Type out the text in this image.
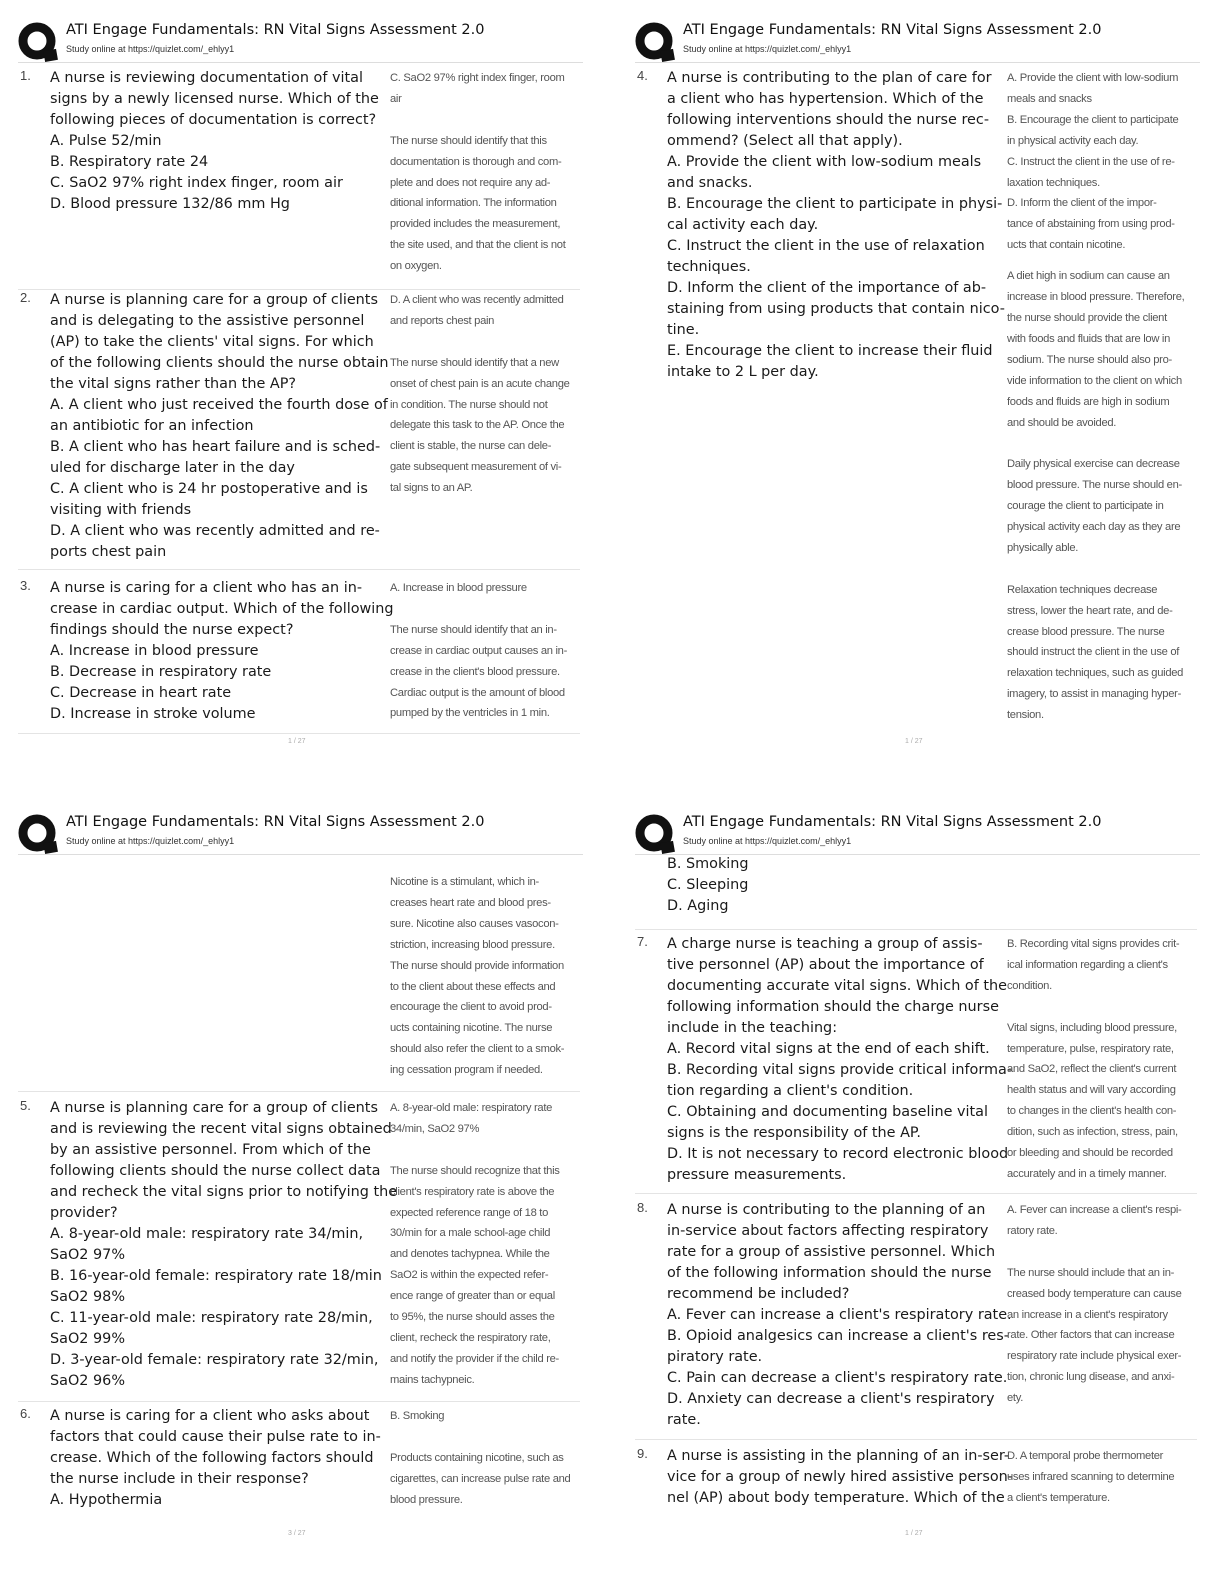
ATI Engage Fundamentals: RN Vital Signs Assessment 2.0
Study online at https://quizlet.com/_ehlyy1
1. A nurse is reviewing documentation of vital

signs by a newly licensed nurse. Which of the

following pieces of documentation is correct?

A. Pulse 52/min

B. Respiratory rate 24

C. SaO2 97% right index finger, room air

D. Blood pressure 132/86 mm Hg

C. SaO2 97% right index finger, room

air

The nurse should identify that this

documentation is thorough and com-

plete and does not require any ad-

ditional information. The information

provided includes the measurement,

the site used, and that the client is not

on oxygen.

2. A nurse is planning care for a group of clients

and is delegating to the assistive personnel

(AP) to take the clients' vital signs. For which

of the following clients should the nurse obtain

the vital signs rather than the AP?

A. A client who just received the fourth dose of

an antibiotic for an infection

B. A client who has heart failure and is sched-

uled for discharge later in the day

C. A client who is 24 hr postoperative and is

visiting with friends

D. A client who was recently admitted and re-

ports chest pain

D. A client who was recently admitted

and reports chest pain

The nurse should identify that a new

onset of chest pain is an acute change

in condition. The nurse should not

delegate this task to the AP. Once the

client is stable, the nurse can dele-

gate subsequent measurement of vi-

tal signs to an AP.

3. A nurse is caring for a client who has an in-

crease in cardiac output. Which of the following

findings should the nurse expect?

A. Increase in blood pressure

B. Decrease in respiratory rate

C. Decrease in heart rate

D. Increase in stroke volume

A. Increase in blood pressure

The nurse should identify that an in-

crease in cardiac output causes an in-

crease in the client's blood pressure.

Cardiac output is the amount of blood

pumped by the ventricles in 1 min.

1 / 27
ATI Engage Fundamentals: RN Vital Signs Assessment 2.0
Study online at https://quizlet.com/_ehlyy1
4. A nurse is contributing to the plan of care for

a client who has hypertension. Which of the

following interventions should the nurse rec-

ommend? (Select all that apply).

A. Provide the client with low-sodium meals

and snacks.

B. Encourage the client to participate in physi-

cal activity each day.

C. Instruct the client in the use of relaxation

techniques.

D. Inform the client of the importance of ab-

staining from using products that contain nico-

tine.

E. Encourage the client to increase their fluid

intake to 2 L per day.

A. Provide the client with low-sodium

meals and snacks

B. Encourage the client to participate

in physical activity each day.

C. Instruct the client in the use of re-

laxation techniques.

D. Inform the client of the impor-

tance of abstaining from using prod-

ucts that contain nicotine.

A diet high in sodium can cause an

increase in blood pressure. Therefore,

the nurse should provide the client

with foods and fluids that are low in

sodium. The nurse should also pro-

vide information to the client on which

foods and fluids are high in sodium

and should be avoided.

Daily physical exercise can decrease

blood pressure. The nurse should en-

courage the client to participate in

physical activity each day as they are

physically able.

Relaxation techniques decrease

stress, lower the heart rate, and de-

crease blood pressure. The nurse

should instruct the client in the use of

relaxation techniques, such as guided

imagery, to assist in managing hyper-

tension.

1 / 27
ATI Engage Fundamentals: RN Vital Signs Assessment 2.0
Study online at https://quizlet.com/_ehlyy1

Nicotine is a stimulant, which in-

creases heart rate and blood pres-

sure. Nicotine also causes vasocon-

striction, increasing blood pressure.

The nurse should provide information

to the client about these effects and

encourage the client to avoid prod-

ucts containing nicotine. The nurse

should also refer the client to a smok-

ing cessation program if needed.

5. A nurse is planning care for a group of clients

and is reviewing the recent vital signs obtained

by an assistive personnel. From which of the

following clients should the nurse collect data

and recheck the vital signs prior to notifying the

provider?

A. 8-year-old male: respiratory rate 34/min,

SaO2 97%

B. 16-year-old female: respiratory rate 18/min

SaO2 98%

C. 11-year-old male: respiratory rate 28/min,

SaO2 99%

D. 3-year-old female: respiratory rate 32/min,

SaO2 96%

A. 8-year-old male: respiratory rate

34/min, SaO2 97%

The nurse should recognize that this

client's respiratory rate is above the

expected reference range of 18 to

30/min for a male school-age child

and denotes tachypnea. While the

SaO2 is within the expected refer-

ence range of greater than or equal

to 95%, the nurse should asses the

client, recheck the respiratory rate,

and notify the provider if the child re-

mains tachypneic.

6. A nurse is caring for a client who asks about

factors that could cause their pulse rate to in-

crease. Which of the following factors should

the nurse include in their response?

A. Hypothermia

B. Smoking

Products containing nicotine, such as

cigarettes, can increase pulse rate and

blood pressure.

3 / 27
ATI Engage Fundamentals: RN Vital Signs Assessment 2.0
Study online at https://quizlet.com/_ehlyy1

B. Smoking

C. Sleeping

D. Aging

7. A charge nurse is teaching a group of assis-

tive personnel (AP) about the importance of

documenting accurate vital signs. Which of the

following information should the charge nurse

include in the teaching:

A. Record vital signs at the end of each shift.

B. Recording vital signs provide critical informa-

tion regarding a client's condition.

C. Obtaining and documenting baseline vital

signs is the responsibility of the AP.

D. It is not necessary to record electronic blood

pressure measurements.

B. Recording vital signs provides crit-

ical information regarding a client's

condition.

Vital signs, including blood pressure,

temperature, pulse, respiratory rate,

and SaO2, reflect the client's current

health status and will vary according

to changes in the client's health con-

dition, such as infection, stress, pain,

or bleeding and should be recorded

accurately and in a timely manner.

8. A nurse is contributing to the planning of an

in-service about factors affecting respiratory

rate for a group of assistive personnel. Which

of the following information should the nurse

recommend be included?

A. Fever can increase a client's respiratory rate.

B. Opioid analgesics can increase a client's res-

piratory rate.

C. Pain can decrease a client's respiratory rate.

D. Anxiety can decrease a client's respiratory

rate.

A. Fever can increase a client's respi-

ratory rate.

The nurse should include that an in-

creased body temperature can cause

an increase in a client's respiratory

rate. Other factors that can increase

respiratory rate include physical exer-

tion, chronic lung disease, and anxi-

ety.

9. A nurse is assisting in the planning of an in-ser-

vice for a group of newly hired assistive person-

nel (AP) about body temperature. Which of the

D. A temporal probe thermometer

uses infrared scanning to determine

a client's temperature.

1 / 27
